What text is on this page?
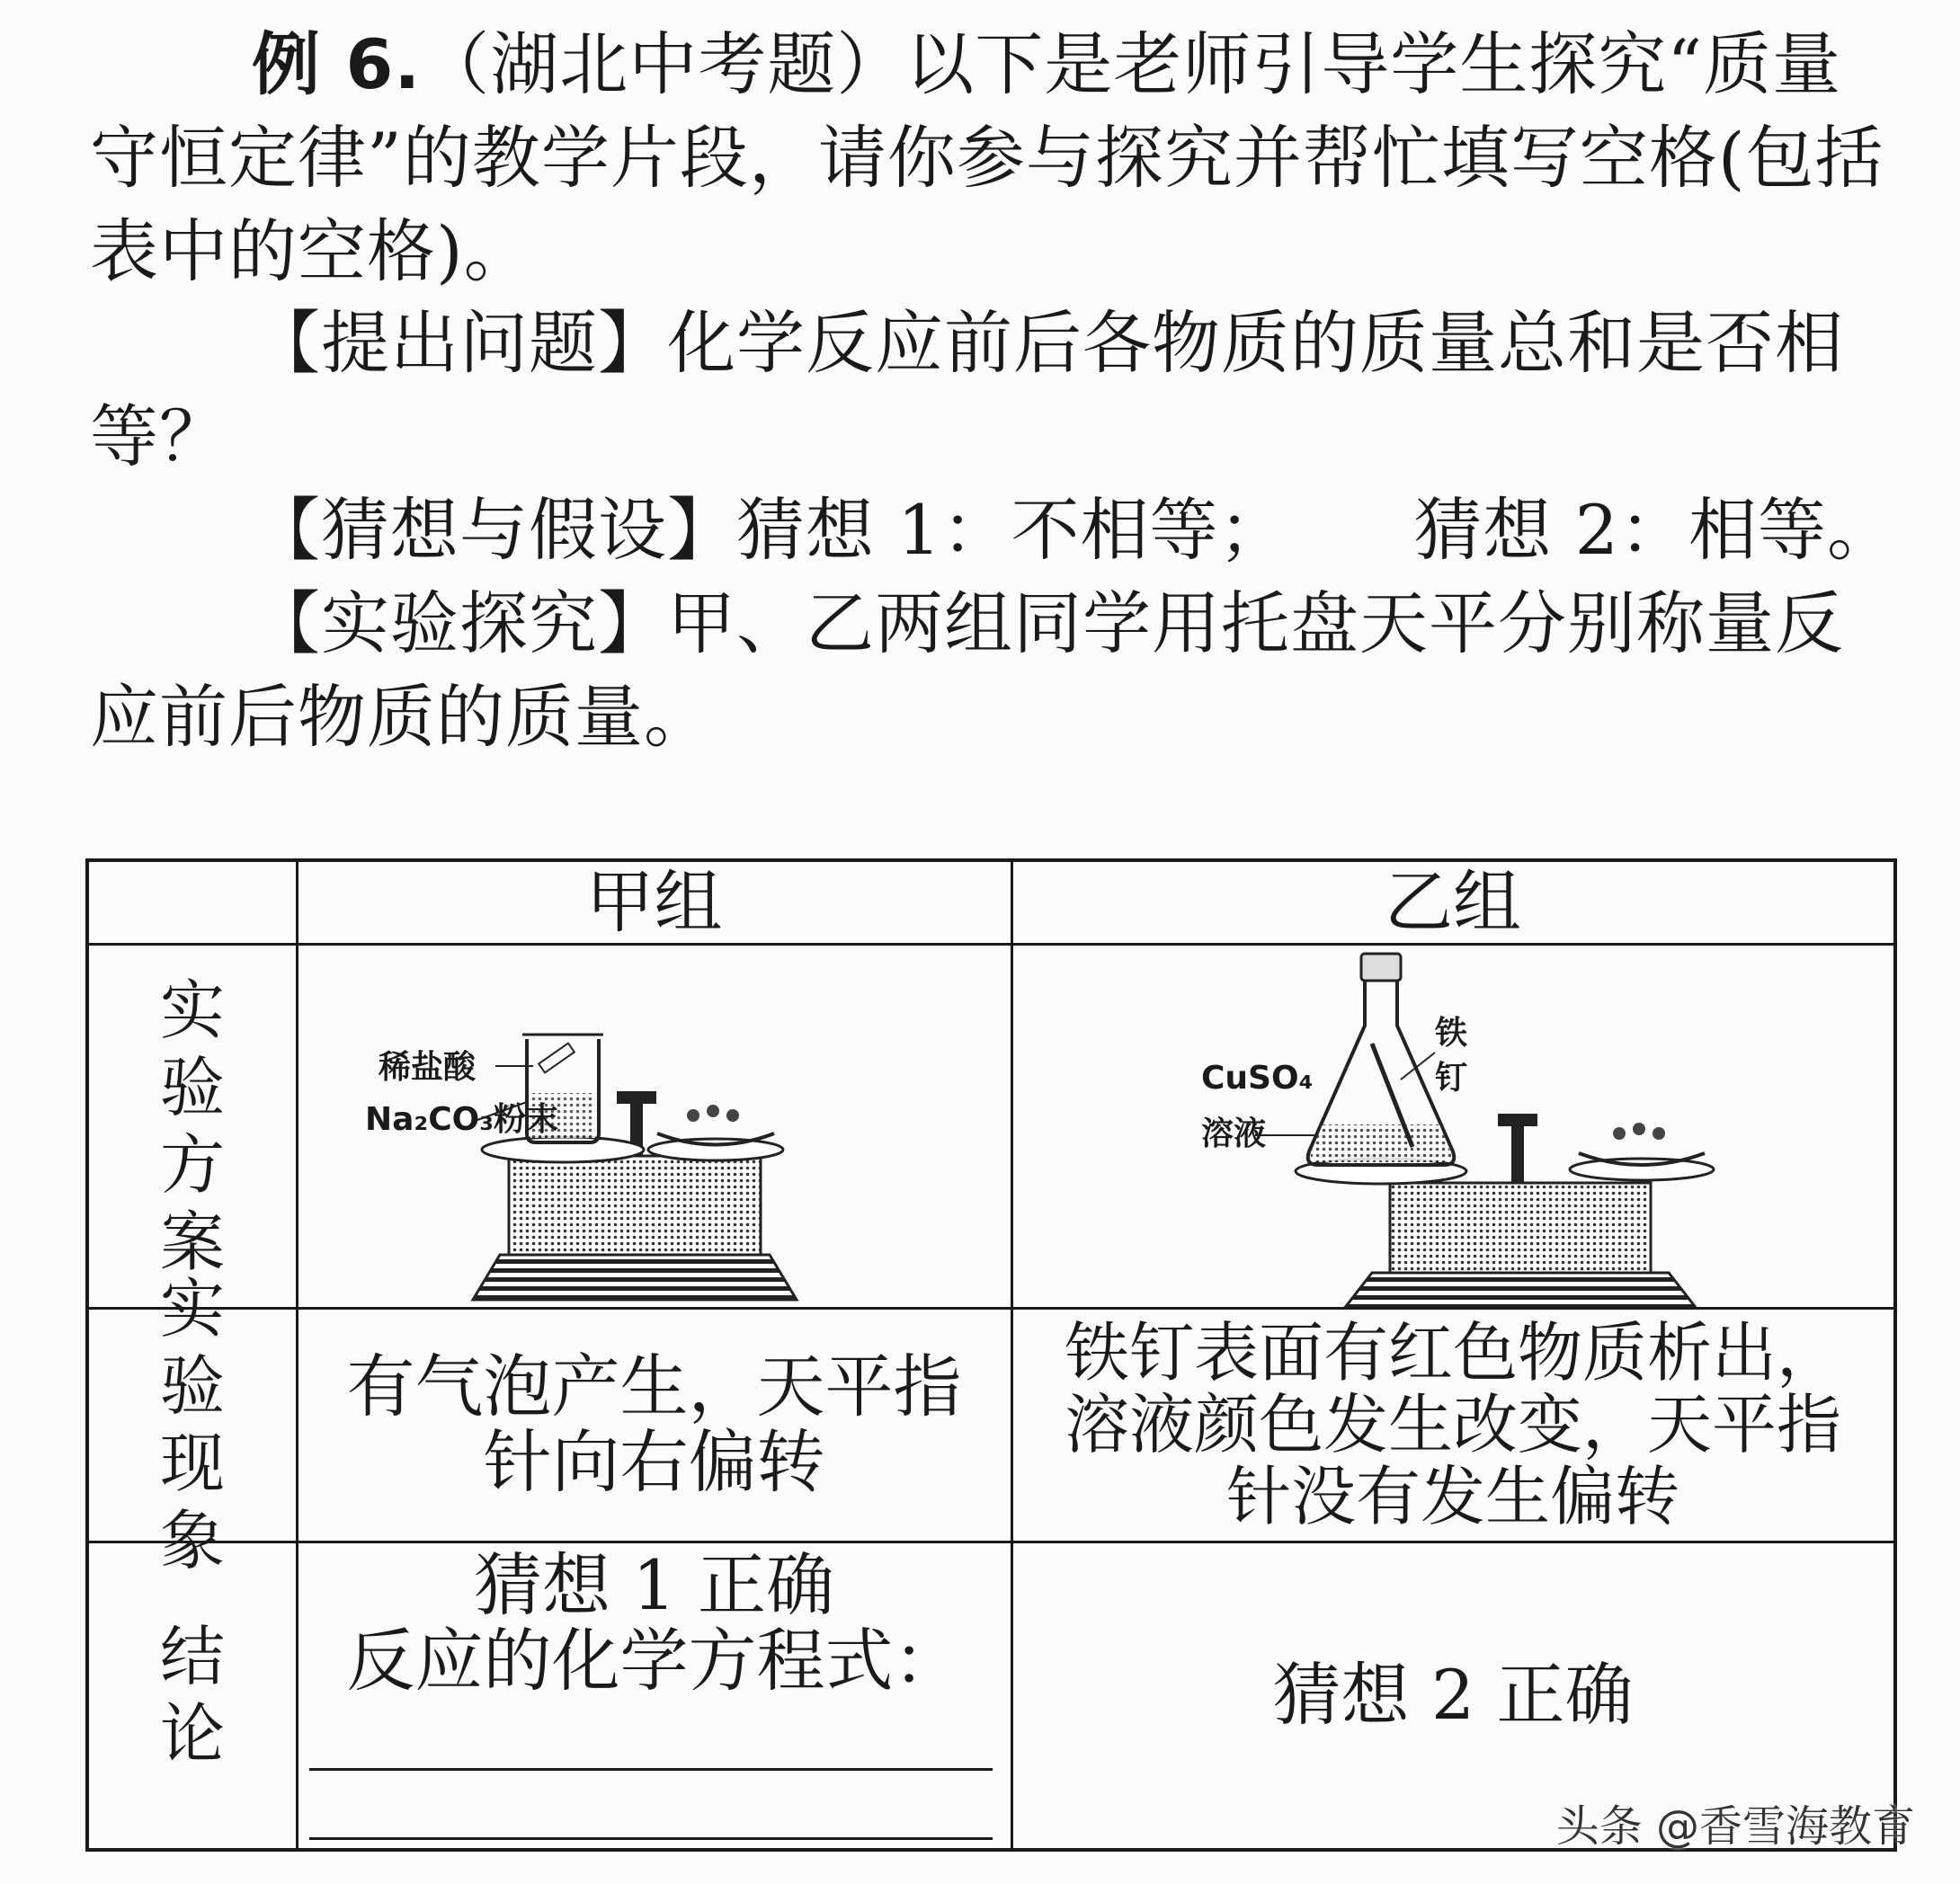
例 6.（湖北中考题）以下是老师引导学生探究“质量守恒定律”的教学片段，请你参与探究并帮忙填写空格(包括表中的空格)。
【提出问题】化学反应前后各物质的质量总和是否相等？
【猜想与假设】猜想 1：不相等； 猜想 2：相等。
【实验探究】甲、乙两组同学用托盘天平分别称量反应前后物质的质量。
甲组	乙组
实验
方案
稀盐酸
Na₂CO₃粉末
CuSO₄
溶液
铁
钉
实验
现象
有气泡产生，天平指
针向右偏转
铁钉表面有红色物质析出，
溶液颜色发生改变，天平指
针没有发生偏转
结论
猜想 1 正确
反应的化学方程式：	猜想 2 正确
头条 @香雪海教育
